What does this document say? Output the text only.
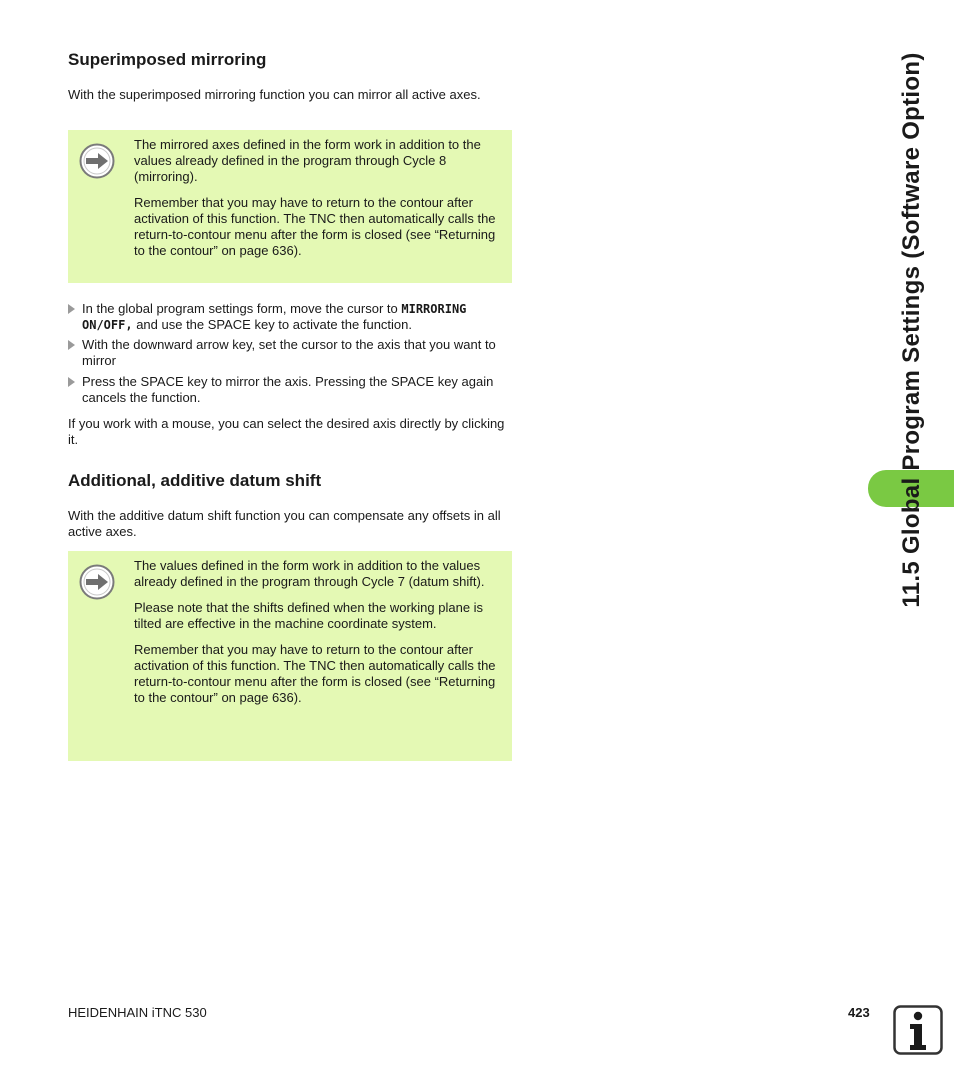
Superimposed mirroring

With the superimposed mirroring function you can mirror all active axes.

The mirrored axes defined in the form work in addition to the values already defined in the program through Cycle 8 (mirroring).

Remember that you may have to return to the contour after activation of this function. The TNC then automatically calls the return-to-contour menu after the form is closed (see “Returning to the contour” on page 636).

In the global program settings form, move the cursor to MIRRORING ON/OFF, and use the SPACE key to activate the function.
With the downward arrow key, set the cursor to the axis that you want to mirror
Press the SPACE key to mirror the axis. Pressing the SPACE key again cancels the function.

If you work with a mouse, you can select the desired axis directly by clicking it.

Additional, additive datum shift

With the additive datum shift function you can compensate any offsets in all active axes.

The values defined in the form work in addition to the values already defined in the program through Cycle 7 (datum shift).

Please note that the shifts defined when the working plane is tilted are effective in the machine coordinate system.

Remember that you may have to return to the contour after activation of this function. The TNC then automatically calls the return-to-contour menu after the form is closed (see “Returning to the contour” on page 636).

11.5 Global Program Settings (Software Option)
HEIDENHAIN iTNC 530	423
